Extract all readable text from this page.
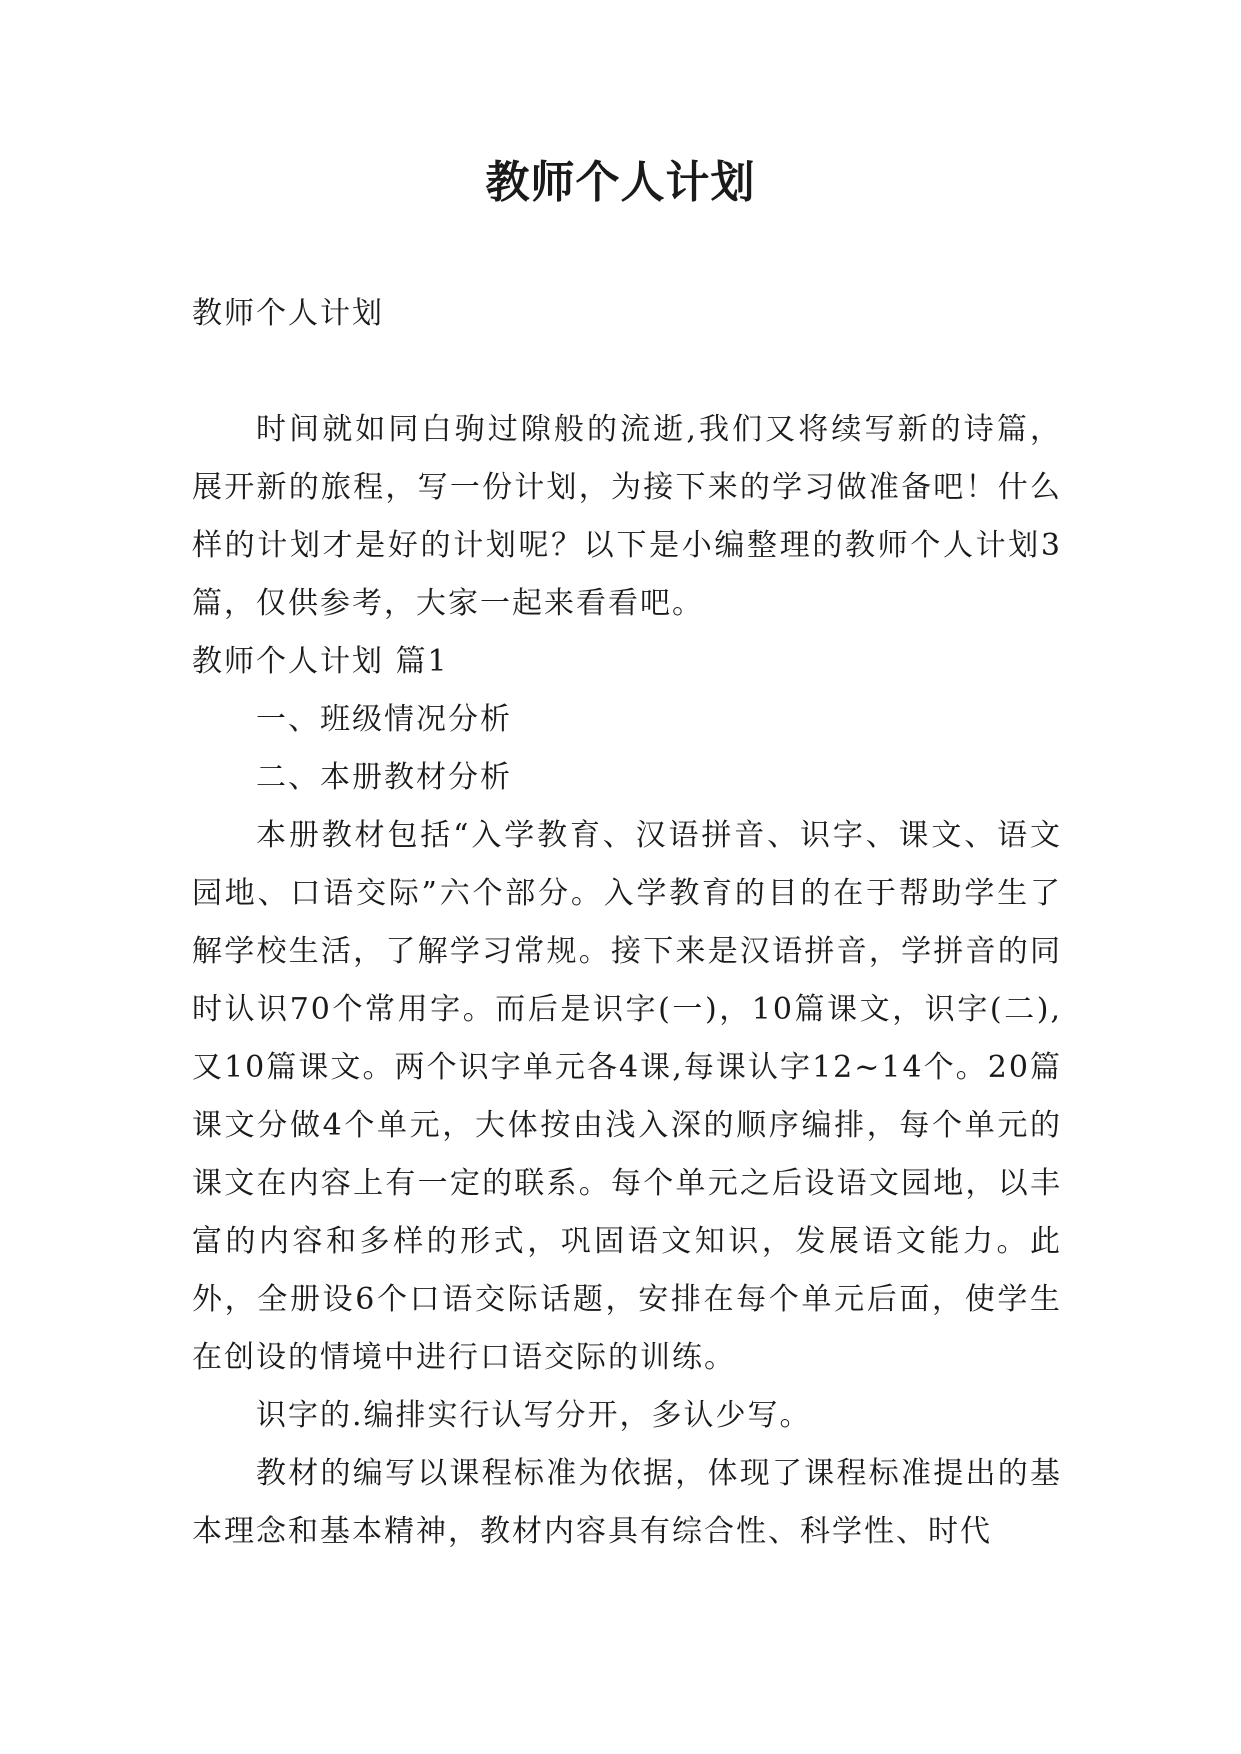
教师个人计划

教师个人计划

时间就如同白驹过隙般的流逝,我们又将续写新的诗篇，展开新的旅程，写一份计划，为接下来的学习做准备吧！什么样的计划才是好的计划呢？以下是小编整理的教师个人计划3篇，仅供参考，大家一起来看看吧。

教师个人计划 篇1

一、班级情况分析

二、本册教材分析

本册教材包括“入学教育、汉语拼音、识字、课文、语文园地、口语交际”六个部分。入学教育的目的在于帮助学生了解学校生活，了解学习常规。接下来是汉语拼音，学拼音的同时认识70个常用字。而后是识字(一)，10篇课文，识字(二),又10篇课文。两个识字单元各4课,每课认字12~14个。20篇课文分做4个单元，大体按由浅入深的顺序编排，每个单元的课文在内容上有一定的联系。每个单元之后设语文园地，以丰富的内容和多样的形式，巩固语文知识，发展语文能力。此外，全册设6个口语交际话题，安排在每个单元后面，使学生在创设的情境中进行口语交际的训练。

识字的.编排实行认写分开，多认少写。

教材的编写以课程标准为依据，体现了课程标准提出的基本理念和基本精神，教材内容具有综合性、科学性、时代
